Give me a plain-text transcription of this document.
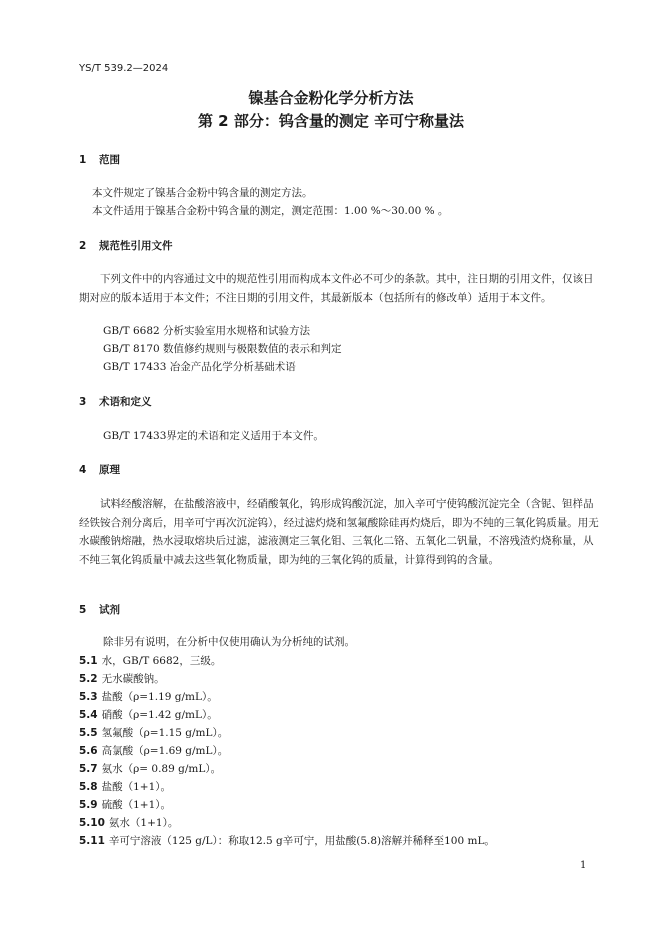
YS/T 539.2—2024
镍基合金粉化学分析方法
第 2 部分：钨含量的测定 辛可宁称量法
1 范围
本文件规定了镍基合金粉中钨含量的测定方法。
本文件适用于镍基合金粉中钨含量的测定，测定范围：1.00 %～30.00 % 。
2 规范性引用文件
下列文件中的内容通过文中的规范性引用而构成本文件必不可少的条款。其中，注日期的引用文件，仅该日期对应的版本适用于本文件；不注日期的引用文件，其最新版本（包括所有的修改单）适用于本文件。
GB/T 6682 分析实验室用水规格和试验方法
GB/T 8170 数值修约规则与极限数值的表示和判定
GB/T 17433 冶金产品化学分析基础术语
3 术语和定义
GB/T 17433界定的术语和定义适用于本文件。
4 原理
试料经酸溶解，在盐酸溶液中，经硝酸氧化，钨形成钨酸沉淀，加入辛可宁使钨酸沉淀完全（含铌、钽样品经铁铵合剂分离后，用辛可宁再次沉淀钨），经过滤灼烧和氢氟酸除硅再灼烧后，即为不纯的三氧化钨质量。用无水碳酸钠熔融，热水浸取熔块后过滤，滤液测定三氧化钼、三氧化二铬、五氧化二钒量，不溶残渣灼烧称量，从不纯三氧化钨质量中减去这些氧化物质量，即为纯的三氧化钨的质量，计算得到钨的含量。
5 试剂
除非另有说明，在分析中仅使用确认为分析纯的试剂。
5.1 水，GB/T 6682，三级。
5.2 无水碳酸钠。
5.3 盐酸（ρ=1.19 g/mL）。
5.4 硝酸（ρ=1.42 g/mL）。
5.5 氢氟酸（ρ=1.15 g/mL）。
5.6 高氯酸（ρ=1.69 g/mL）。
5.7 氨水（ρ= 0.89 g/mL）。
5.8 盐酸（1+1）。
5.9 硫酸（1+1）。
5.10 氨水（1+1）。
5.11 辛可宁溶液（125 g/L）：称取12.5 g辛可宁，用盐酸(5.8)溶解并稀释至100 mL。
1
